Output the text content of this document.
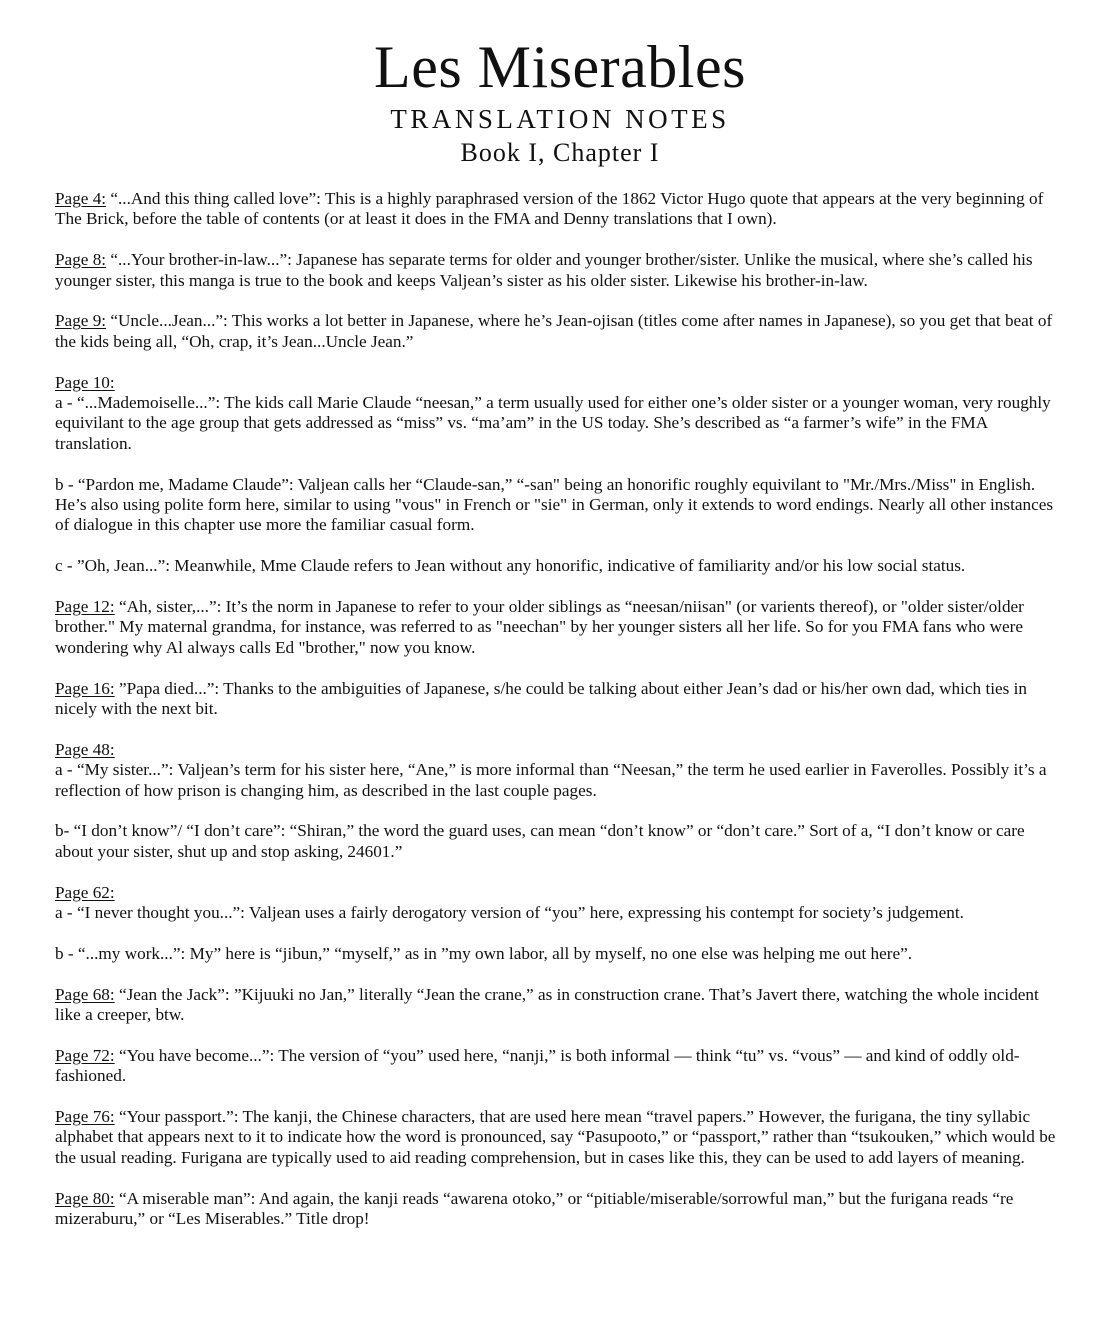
Les Miserables
TRANSLATION NOTES
Book I, Chapter I

Page 4: “...And this thing called love”: This is a highly paraphrased version of the 1862 Victor Hugo quote that appears at the very beginning of The Brick, before the table of contents (or at least it does in the FMA and Denny translations that I own).

Page 8: “...Your brother-in-law...”: Japanese has separate terms for older and younger brother/sister. Unlike the musical, where she’s called his younger sister, this manga is true to the book and keeps Valjean’s sister as his older sister. Likewise his brother-in-law.

Page 9: “Uncle...Jean...”: This works a lot better in Japanese, where he’s Jean-ojisan (titles come after names in Japanese), so you get that beat of the kids being all, “Oh, crap, it’s Jean...Uncle Jean.”

Page 10:
a - “...Mademoiselle...”: The kids call Marie Claude “neesan,” a term usually used for either one’s older sister or a younger woman, very roughly equivilant to the age group that gets addressed as “miss” vs. “ma’am” in the US today. She’s described as “a farmer’s wife” in the FMA translation.

b - “Pardon me, Madame Claude”: Valjean calls her “Claude-san,” “-san" being an honorific roughly equivilant to "Mr./Mrs./Miss" in English. He’s also using polite form here, similar to using "vous" in French or "sie" in German, only it extends to word endings. Nearly all other instances of dialogue in this chapter use more the familiar casual form.

c - ”Oh, Jean...”: Meanwhile, Mme Claude refers to Jean without any honorific, indicative of familiarity and/or his low social status.

Page 12: “Ah, sister,...”: It’s the norm in Japanese to refer to your older siblings as “neesan/niisan" (or varients thereof), or "older sister/older brother." My maternal grandma, for instance, was referred to as "neechan" by her younger sisters all her life. So for you FMA fans who were wondering why Al always calls Ed "brother," now you know.

Page 16: ”Papa died...”: Thanks to the ambiguities of Japanese, s/he could be talking about either Jean’s dad or his/her own dad, which ties in nicely with the next bit.

Page 48:
a - “My sister...”: Valjean’s term for his sister here, “Ane,” is more informal than “Neesan,” the term he used earlier in Faverolles. Possibly it’s a reflection of how prison is changing him, as described in the last couple pages.

b- “I don’t know”/ “I don’t care”: “Shiran,” the word the guard uses, can mean “don’t know” or “don’t care.” Sort of a, “I don’t know or care about your sister, shut up and stop asking, 24601.”

Page 62:
a - “I never thought you...”: Valjean uses a fairly derogatory version of “you” here, expressing his contempt for society’s judgement.

b - “...my work...”: My” here is “jibun,” “myself,” as in ”my own labor, all by myself, no one else was helping me out here”.

Page 68: “Jean the Jack”: ”Kijuuki no Jan,” literally “Jean the crane,” as in construction crane. That’s Javert there, watching the whole incident like a creeper, btw.

Page 72: “You have become...”: The version of “you” used here, “nanji,” is both informal — think “tu” vs. “vous” — and kind of oddly old-fashioned.

Page 76: “Your passport.”: The kanji, the Chinese characters, that are used here mean “travel papers.” However, the furigana, the tiny syllabic alphabet that appears next to it to indicate how the word is pronounced, say “Pasupooto,” or “passport,” rather than “tsukouken,” which would be the usual reading. Furigana are typically used to aid reading comprehension, but in cases like this, they can be used to add layers of meaning.

Page 80: “A miserable man”: And again, the kanji reads “awarena otoko,” or “pitiable/miserable/sorrowful man,” but the furigana reads “re mizeraburu,” or “Les Miserables.” Title drop!
